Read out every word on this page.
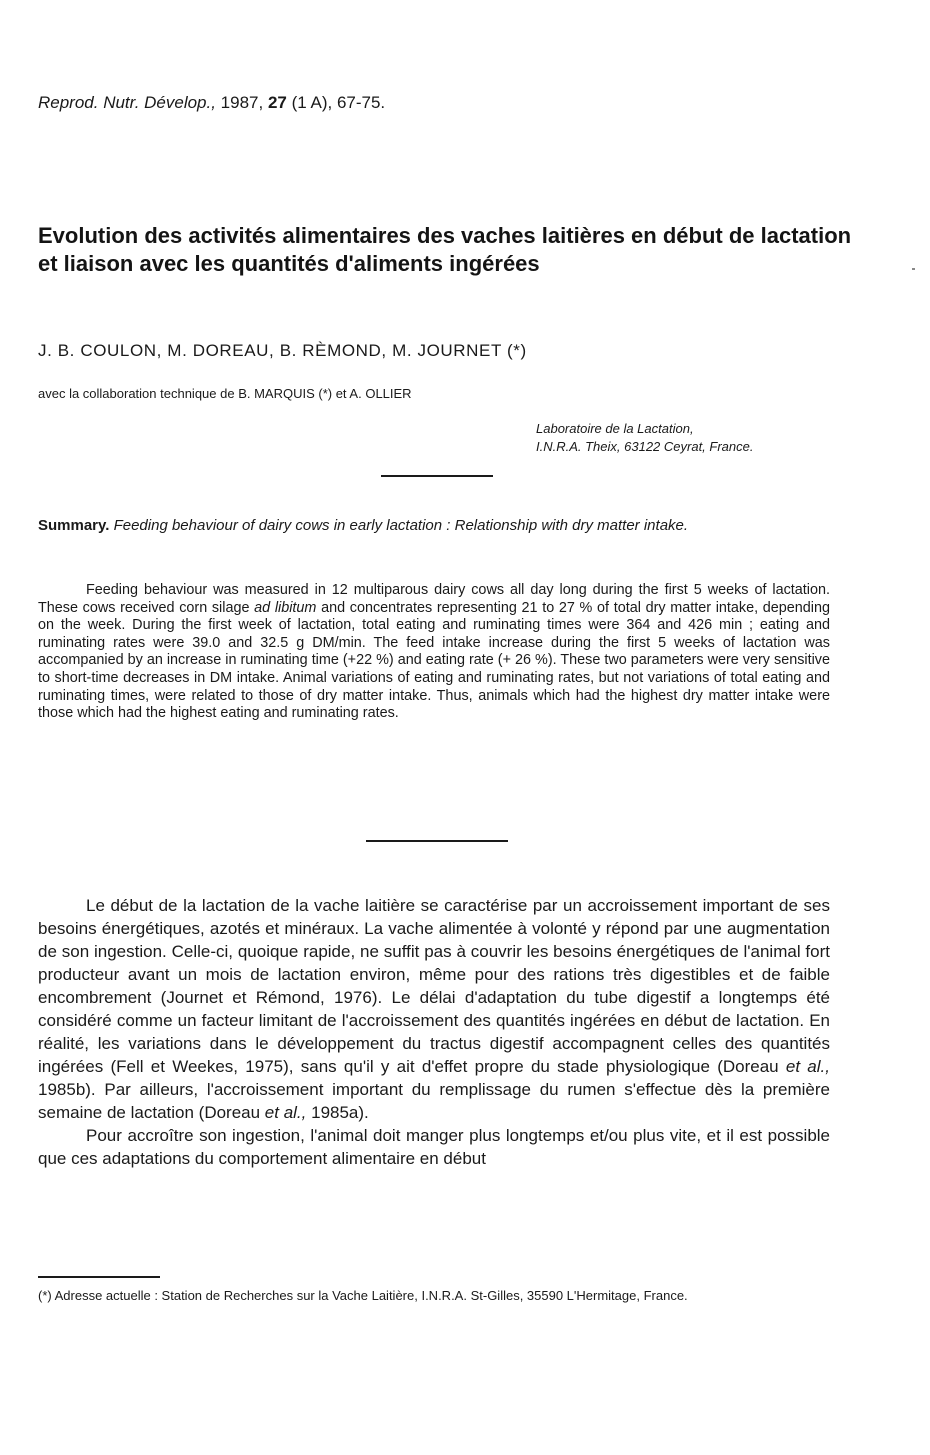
Reprod. Nutr. Dévelop., 1987, 27 (1 A), 67-75.
Evolution des activités alimentaires des vaches laitières en début de lactation et liaison avec les quantités d'aliments ingérées
J. B. COULON, M. DOREAU, B. RÈMOND, M. JOURNET (*)
avec la collaboration technique de B. MARQUIS (*) et A. OLLIER
Laboratoire de la Lactation,
I.N.R.A. Theix, 63122 Ceyrat, France.
Summary. Feeding behaviour of dairy cows in early lactation : Relationship with dry matter intake.

Feeding behaviour was measured in 12 multiparous dairy cows all day long during the first 5 weeks of lactation. These cows received corn silage ad libitum and concentrates representing 21 to 27 % of total dry matter intake, depending on the week. During the first week of lactation, total eating and ruminating times were 364 and 426 min ; eating and ruminating rates were 39.0 and 32.5 g DM/min. The feed intake increase during the first 5 weeks of lactation was accompanied by an increase in ruminating time (+22 %) and eating rate (+ 26 %). These two parameters were very sensitive to short-time decreases in DM intake. Animal variations of eating and ruminating rates, but not variations of total eating and ruminating times, were related to those of dry matter intake. Thus, animals which had the highest dry matter intake were those which had the highest eating and ruminating rates.

Le début de la lactation de la vache laitière se caractérise par un accroissement important de ses besoins énergétiques, azotés et minéraux. La vache alimentée à volonté y répond par une augmentation de son ingestion. Celle-ci, quoique rapide, ne suffit pas à couvrir les besoins énergétiques de l'animal fort producteur avant un mois de lactation environ, même pour des rations très digestibles et de faible encombrement (Journet et Rémond, 1976). Le délai d'adaptation du tube digestif a longtemps été considéré comme un facteur limitant de l'accroissement des quantités ingérées en début de lactation. En réalité, les variations dans le développement du tractus digestif accompagnent celles des quantités ingérées (Fell et Weekes, 1975), sans qu'il y ait d'effet propre du stade physiologique (Doreau et al., 1985b). Par ailleurs, l'accroissement important du remplissage du rumen s'effectue dès la première semaine de lactation (Doreau et al., 1985a).

Pour accroître son ingestion, l'animal doit manger plus longtemps et/ou plus vite, et il est possible que ces adaptations du comportement alimentaire en début

(*) Adresse actuelle : Station de Recherches sur la Vache Laitière, I.N.R.A. St-Gilles, 35590 L'Hermitage, France.
